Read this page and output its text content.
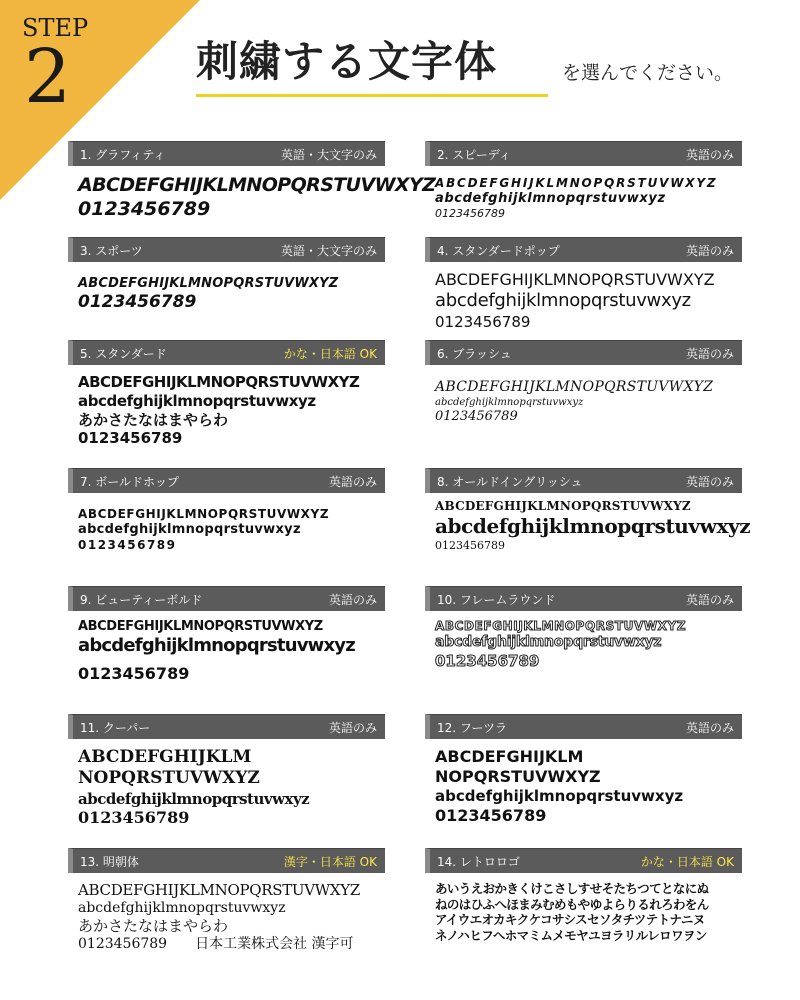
STEP
2	刺繍する文字体	を選んでください。
1. グラフィティ	英語・大文字のみ
ABCDEFGHIJKLMNOPQRSTUVWXYZ
0123456789
2. スピーディ	英語のみ
ABCDEFGHIJKLMNOPQRSTUVWXYZ
abcdefghijklmnopqrstuvwxyz
0123456789
3. スポーツ	英語・大文字のみ
ABCDEFGHIJKLMNOPQRSTUVWXYZ
0123456789
4. スタンダードポップ	英語のみ
ABCDEFGHIJKLMNOPQRSTUVWXYZ
abcdefghijklmnopqrstuvwxyz
0123456789
5. スタンダード	かな・日本語 OK
ABCDEFGHIJKLMNOPQRSTUVWXYZ
abcdefghijklmnopqrstuvwxyz
あかさたなはまやらわ
0123456789
6. ブラッシュ	英語のみ
ABCDEFGHIJKLMNOPQRSTUVWXYZ
abcdefghijklmnopqrstuvwxyz
0123456789
7. ボールドホップ	英語のみ
ABCDEFGHIJKLMNOPQRSTUVWXYZ
abcdefghijklmnopqrstuvwxyz
0123456789
8. オールドイングリッシュ	英語のみ
ABCDEFGHIJKLMNOPQRSTUVWXYZ
abcdefghijklmnopqrstuvwxyz
0123456789
9. ビューティーボルド	英語のみ
ABCDEFGHIJKLMNOPQRSTUVWXYZ
abcdefghijklmnopqrstuvwxyz
0123456789
10. フレームラウンド	英語のみ
ABCDEFGHIJKLMNOPQRSTUVWXYZ
abcdefghijklmnopqrstuvwxyz
0123456789
11. クーパー	英語のみ
ABCDEFGHIJKLM
NOPQRSTUVWXYZ
abcdefghijklmnopqrstuvwxyz
0123456789
12. フーツラ	英語のみ
ABCDEFGHIJKLM
NOPQRSTUVWXYZ
abcdefghijklmnopqrstuvwxyz
0123456789
13. 明朝体	漢字・日本語 OK
ABCDEFGHIJKLMNOPQRSTUVWXYZ
abcdefghijklmnopqrstuvwxyz
あかさたなはまやらわ
0123456789　　日本工業株式会社 漢字可
14. レトロロゴ	かな・日本語 OK
あいうえおかきくけこさしすせそたちつてとなにぬ
ねのはひふへほまみむめもやゆよらりるれろわをん
アイウエオカキクケコサシスセソタチツテトナニヌ
ネノハヒフへホマミムメモヤユヨラリルレロワヲン
